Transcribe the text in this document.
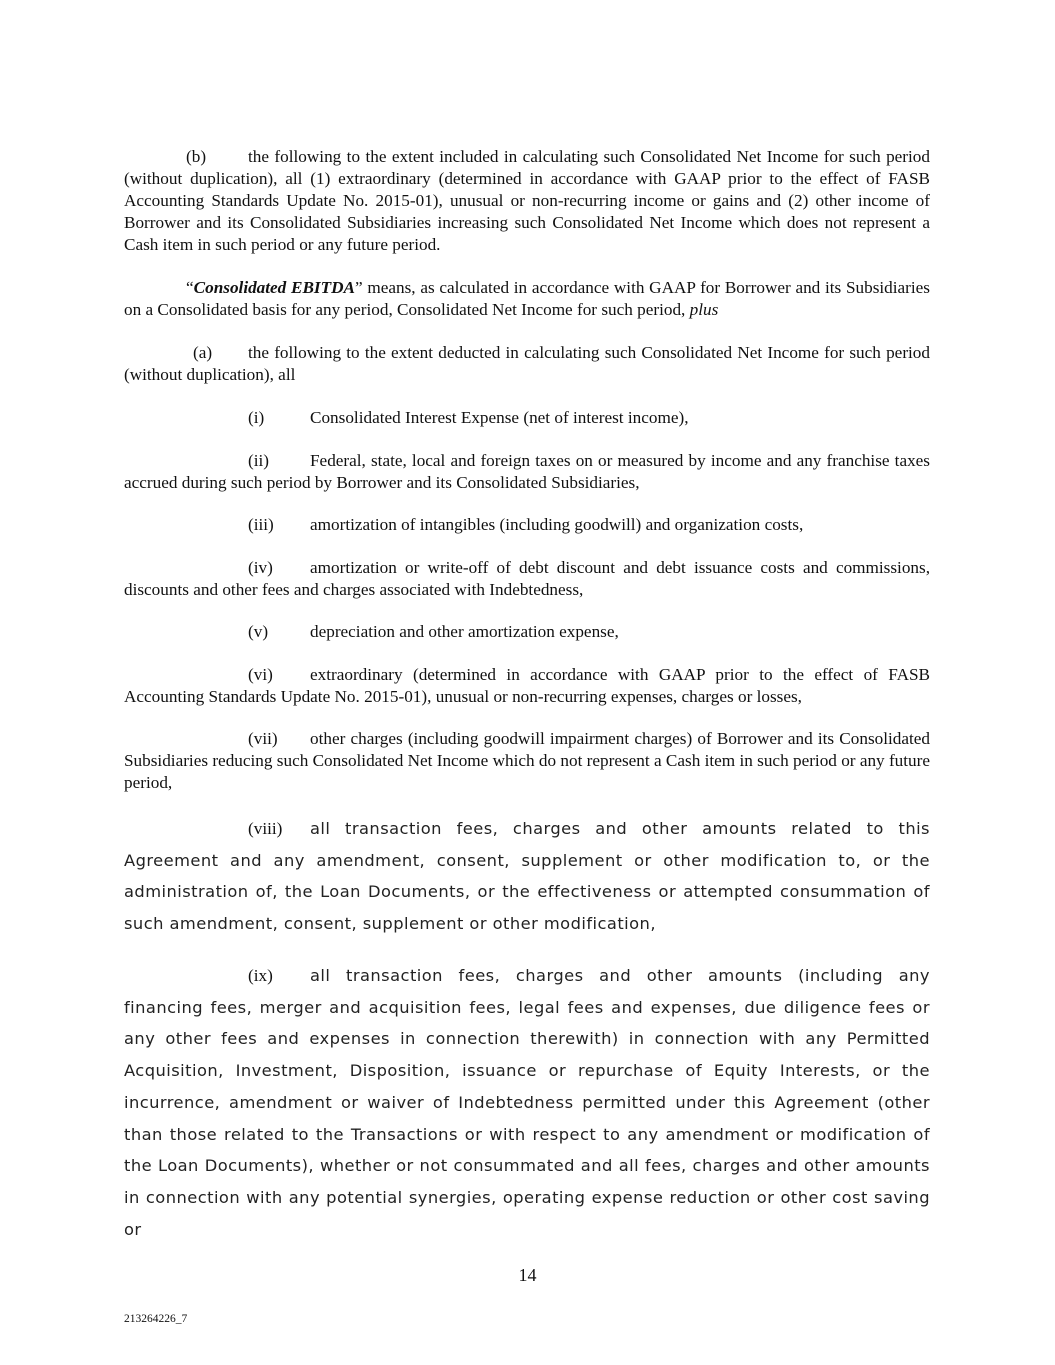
(b) the following to the extent included in calculating such Consolidated Net Income for such period (without duplication), all (1) extraordinary (determined in accordance with GAAP prior to the effect of FASB Accounting Standards Update No. 2015-01), unusual or non-recurring income or gains and (2) other income of Borrower and its Consolidated Subsidiaries increasing such Consolidated Net Income which does not represent a Cash item in such period or any future period.

“Consolidated EBITDA” means, as calculated in accordance with GAAP for Borrower and its Subsidiaries on a Consolidated basis for any period, Consolidated Net Income for such period, plus

(a) the following to the extent deducted in calculating such Consolidated Net Income for such period (without duplication), all

(i)	Consolidated Interest Expense (net of interest income),

(ii) Federal, state, local and foreign taxes on or measured by income and any franchise taxes accrued during such period by Borrower and its Consolidated Subsidiaries,

(iii) amortization of intangibles (including goodwill) and organization costs,

(iv) amortization or write-off of debt discount and debt issuance costs and commissions, discounts and other fees and charges associated with Indebtedness,

(v) depreciation and other amortization expense,

(vi) extraordinary (determined in accordance with GAAP prior to the effect of FASB Accounting Standards Update No. 2015-01), unusual or non-recurring expenses, charges or losses,

(vii) other charges (including goodwill impairment charges) of Borrower and its Consolidated Subsidiaries reducing such Consolidated Net Income which do not represent a Cash item in such period or any future period,

(viii) all transaction fees, charges and other amounts related to this Agreement and any amendment, consent, supplement or other modification to, or the administration of, the Loan Documents, or the effectiveness or attempted consummation of such amendment, consent, supplement or other modification,

(ix) all transaction fees, charges and other amounts (including any financing fees, merger and acquisition fees, legal fees and expenses, due diligence fees or any other fees and expenses in connection therewith) in connection with any Permitted Acquisition, Investment, Disposition, issuance or repurchase of Equity Interests, or the incurrence, amendment or waiver of Indebtedness permitted under this Agreement (other than those related to the Transactions or with respect to any amendment or modification of the Loan Documents), whether or not consummated and all fees, charges and other amounts in connection with any potential synergies, operating expense reduction or other cost saving or

14
213264226_7
